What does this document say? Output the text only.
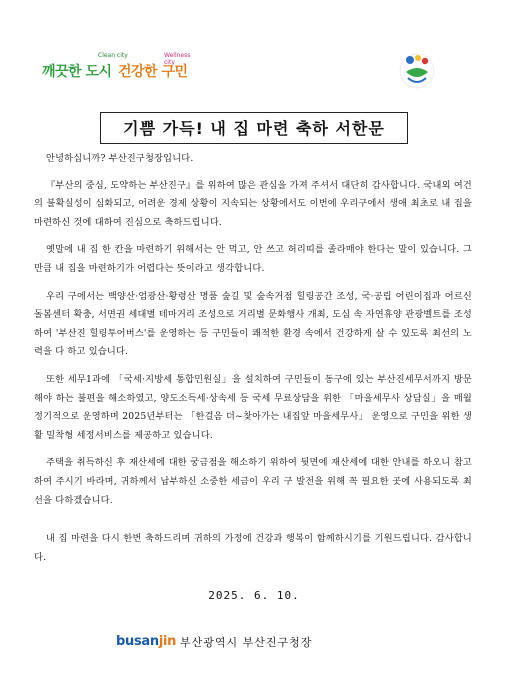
Clean city	Wellness city
깨끗한 도시 건강한 구민
기쁨 가득! 내 집 마련 축하 서한문

안녕하십니까? 부산진구청장입니다.

『부산의 중심, 도약하는 부산진구』를 위하여 많은 관심을 가져 주셔서 대단히 감사합니다. 국내외 여건의 불확실성이 심화되고, 어려운 경제 상황이 지속되는 상황에서도 이번에 우리구에서 생애 최초로 내 집을 마련하신 것에 대하여 진심으로 축하드립니다.

옛말에 내 집 한 칸을 마련하기 위해서는 안 먹고, 안 쓰고 허리띠를 졸라매야 한다는 말이 있습니다. 그만큼 내 집을 마련하기가 어렵다는 뜻이라고 생각합니다.

우리 구에서는 백양산·엄광산·황령산 명품 숲길 및 숲속거점 힐링공간 조성, 국·공립 어린이집과 어르신 돌봄센터 확충, 서면권 세대별 테마거리 조성으로 거리별 문화행사 개최, 도심 속 자연휴양 관광벨트를 조성하여 '부산진 힐링투어버스'를 운영하는 등 구민들이 쾌적한 환경 속에서 건강하게 살 수 있도록 최선의 노력을 다 하고 있습니다.

또한 세무1과에 「국세·지방세 통합민원실」을 설치하여 구민들이 동구에 있는 부산진세무서까지 방문해야 하는 불편을 해소하였고, 양도소득세·상속세 등 국세 무료상담을 위한 「마을세무사 상담실」을 매월 정기적으로 운영하며 2025년부터는 「한걸음 더~찾아가는 내집앞 마을세무사」 운영으로 구민을 위한 생활 밀착형 세정서비스를 제공하고 있습니다.

주택을 취득하신 후 재산세에 대한 궁금점을 해소하기 위하여 뒷면에 재산세에 대한 안내를 하오니 참고하여 주시기 바라며, 귀하께서 납부하신 소중한 세금이 우리 구 발전을 위해 꼭 필요한 곳에 사용되도록 최선을 다하겠습니다.

내 집 마련을 다시 한번 축하드리며 귀하의 가정에 건강과 행복이 함께하시기를 기원드립니다. 감사합니다.

2025. 6. 10.
busanjin 부산광역시 부산진구청장
